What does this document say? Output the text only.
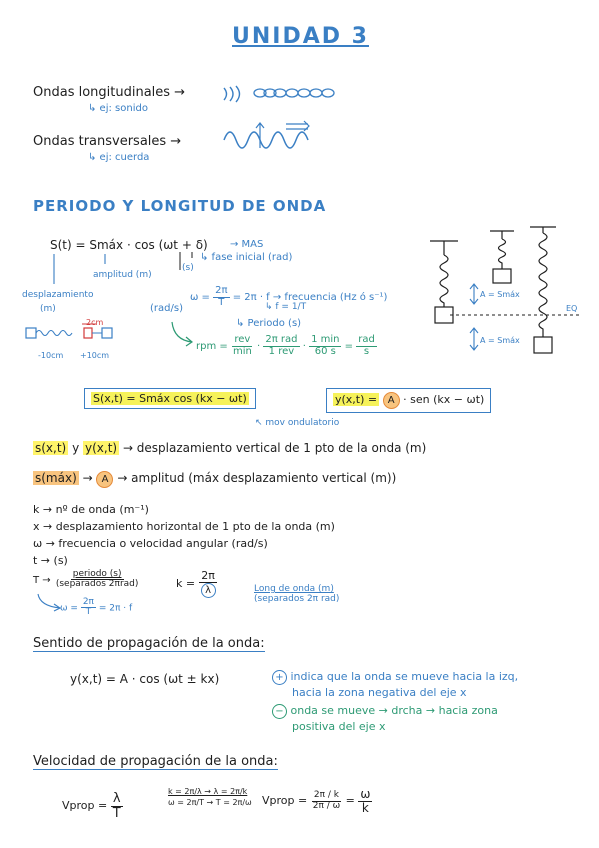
UNIDAD 3
Ondas longitudinales →
↳ ej: sonido
Ondas transversales →
↳ ej: cuerda
PERIODO Y LONGITUD DE ONDA
S(t) = Smáx · cos (ωt + δ) → MAS
↳ fase inicial (rad)
(s)
amplitud (m)
desplazamiento
(m)
$\omega = \frac{2\pi}{T} = 2\pi \cdot f$ → frecuencia (Hz ó s⁻¹)
↳ f = 1/T
(rad/s)
↳ Periodo (s)
2cm
-10cm +10cm
rpm = $\frac{\text{rev}}{\min} \cdot \frac{\text{2π rad}}{\text{1 rev}} \cdot \frac{1 \min}{60 s} = \frac{\text{rad}}{s}$
A = Smáx
A = Smáx
EQ
S(x,t) = Smáx cos (kx − ωt)	y(x,t) = A · sen (kx − ωt)
↖ mov ondulatorio
s(x,t) y y(x,t) → desplazamiento vertical de 1 pto de la onda (m)
s(máx) → A → amplitud (máx desplazamiento vertical (m))
k → nº de onda (m⁻¹)
x → desplazamiento horizontal de 1 pto de la onda (m)
ω → frecuencia o velocidad angular (rad/s)
t → (s)
$T \to \frac{\text{periodo (s)}}{\text{(separados 2πrad)}}$	$k = \frac{2\pi}{\lambda}$	Long de onda (m)
(separados 2π rad)
$\omega = \frac{2\pi}{T} = 2\pi \cdot f$
Sentido de propagación de la onda:
y(x,t) = A · cos (ωt ± kx)	+ indica que la onda se mueve hacia la izq,
hacia la zona negativa del eje x
− onda se mueve → drcha → hacia zona
positiva del eje x
Velocidad de propagación de la onda:
Vprop = $\frac{\lambda}{T}$
k = 2π/λ → λ = 2π/k
ω = 2π/T → T = 2π/ω Vprop = $\frac{2\pi / k}{2\pi / \omega} = \frac{\omega}{k}$
